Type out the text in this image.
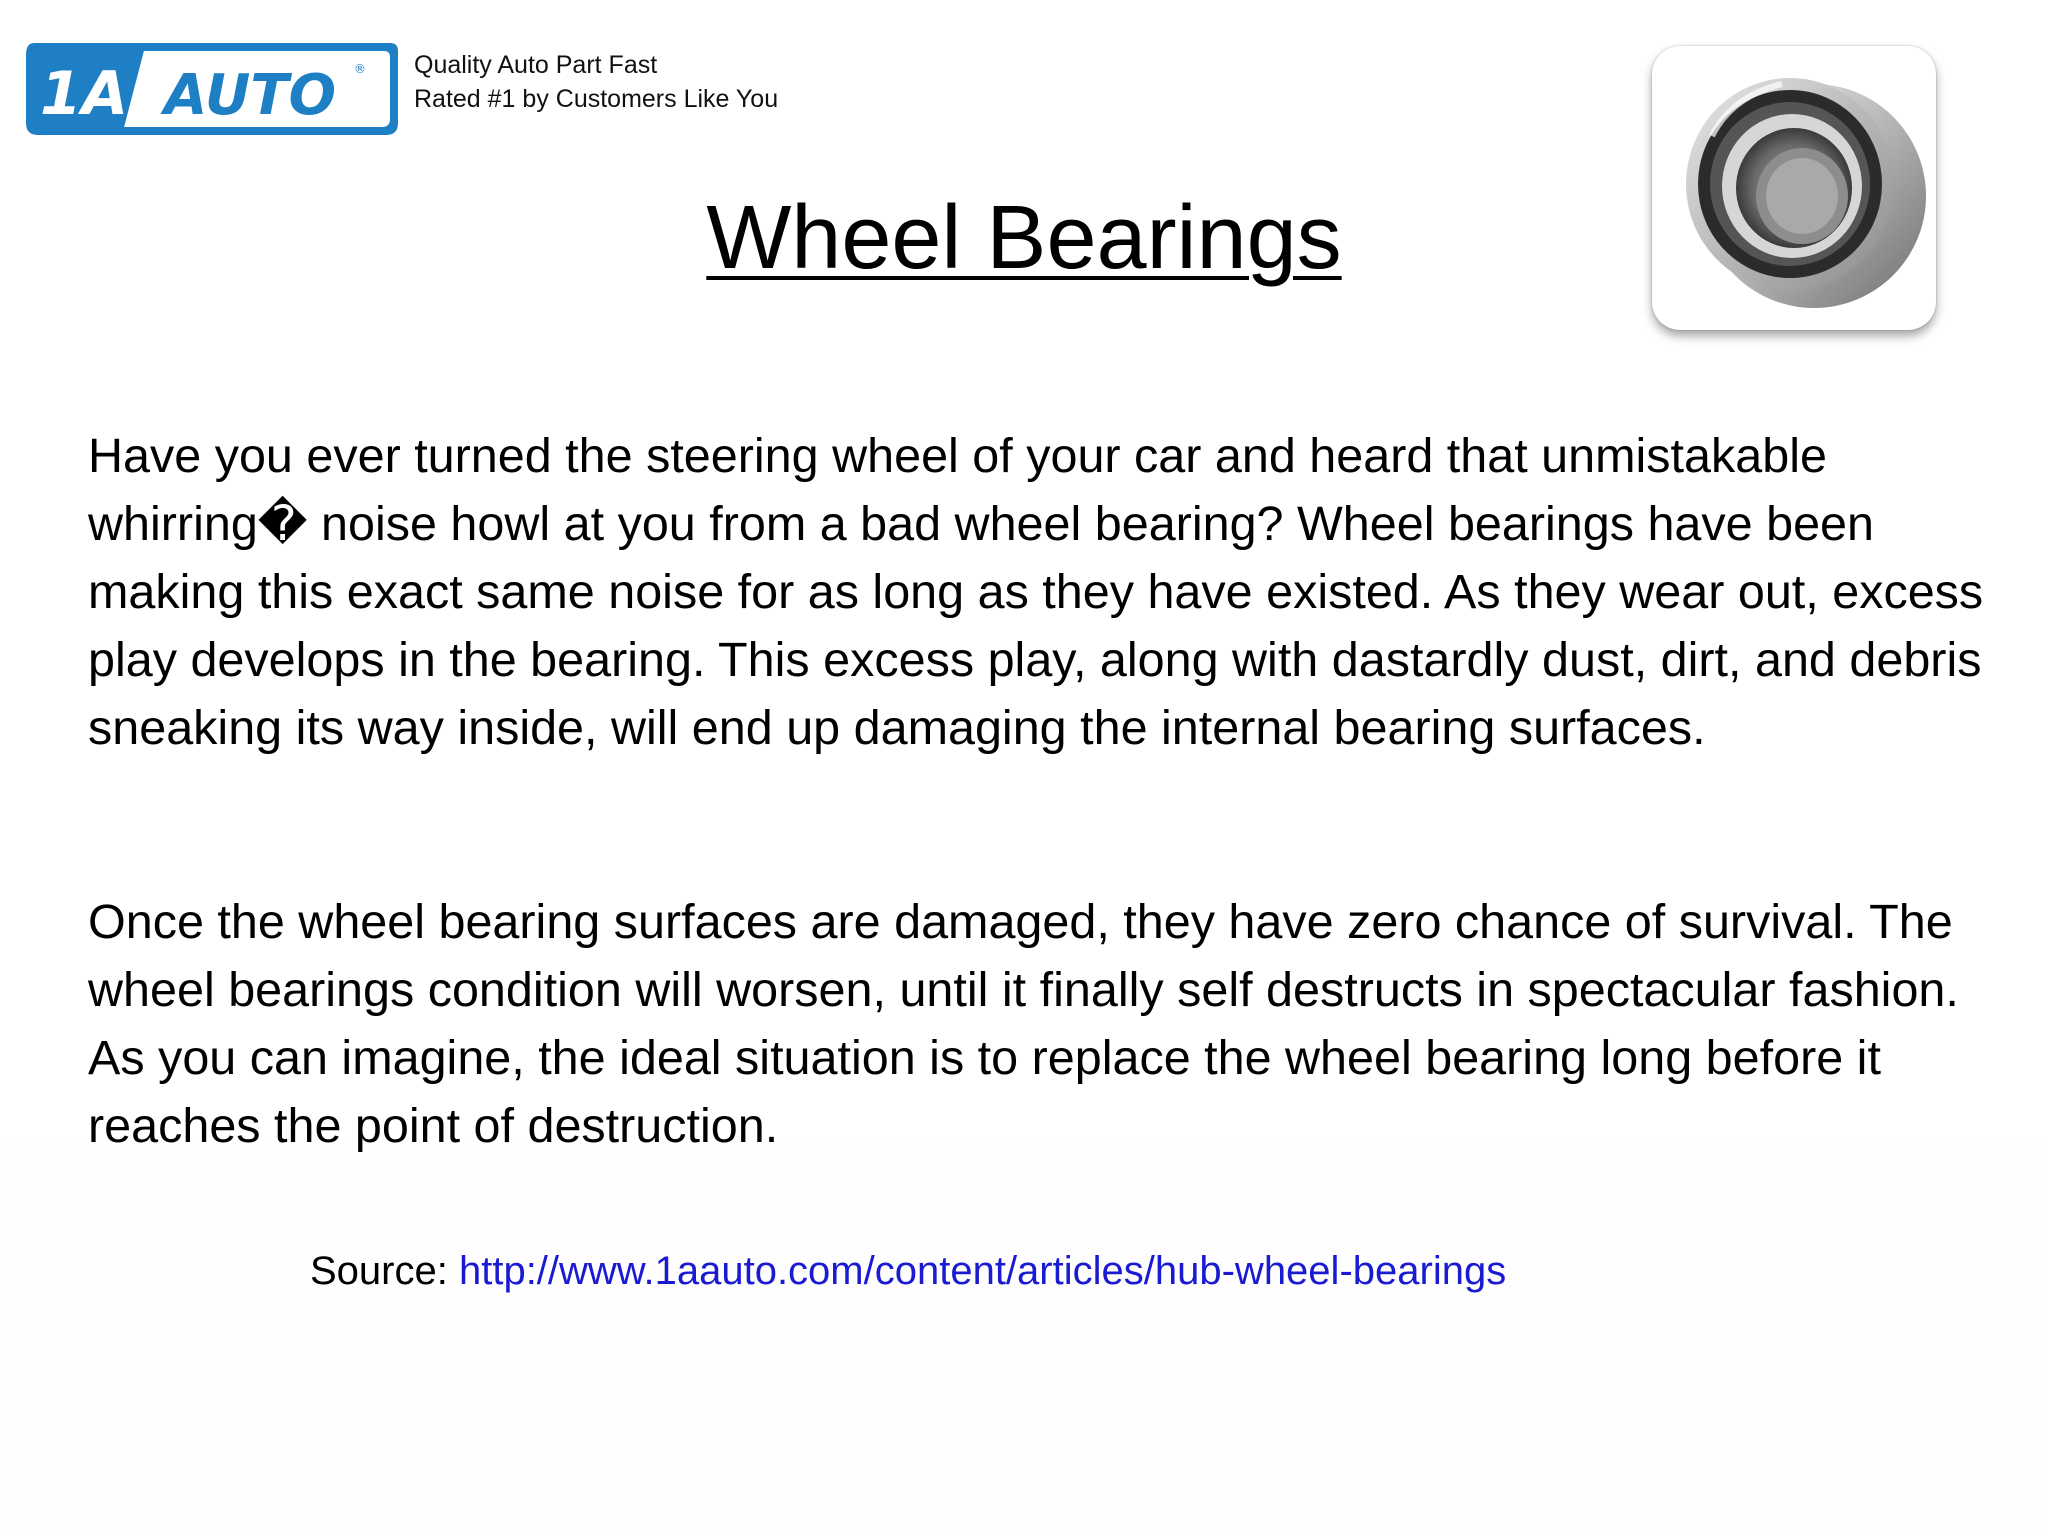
1A AUTO ® Quality Auto Part Fast
Rated #1 by Customers Like You
Wheel Bearings

Have you ever turned the steering wheel of your car and heard that unmistakable whirring� noise howl at you from a bad wheel bearing? Wheel bearings have been making this exact same noise for as long as they have existed. As they wear out, excess play develops in the bearing. This excess play, along with dastardly dust, dirt, and debris sneaking its way inside, will end up damaging the internal bearing surfaces.

Once the wheel bearing surfaces are damaged, they have zero chance of survival. The wheel bearings condition will worsen, until it finally self destructs in spectacular fashion. As you can imagine, the ideal situation is to replace the wheel bearing long before it reaches the point of destruction.

Source: http://www.1aauto.com/content/articles/hub-wheel-bearings
